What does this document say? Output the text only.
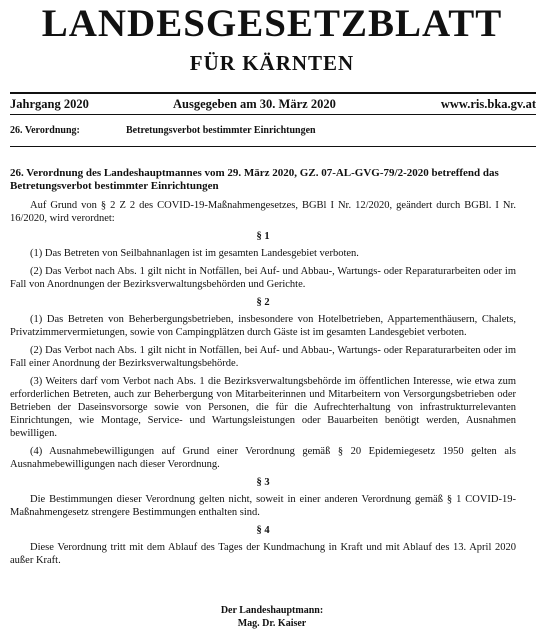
LANDESGESETZBLATT
FÜR KÄRNTEN
Jahrgang 2020	Ausgegeben am 30. März 2020	www.ris.bka.gv.at
26. Verordnung:	Betretungsverbot bestimmter Einrichtungen
26. Verordnung des Landeshauptmannes vom 29. März 2020, GZ. 07-AL-GVG-79/2-2020 betreffend das Betretungsverbot bestimmter Einrichtungen

Auf Grund von § 2 Z 2 des COVID-19-Maßnahmengesetzes, BGBl I Nr. 12/2020, geändert durch BGBl. I Nr. 16/2020, wird verordnet:

§ 1

(1) Das Betreten von Seilbahnanlagen ist im gesamten Landesgebiet verboten.

(2) Das Verbot nach Abs. 1 gilt nicht in Notfällen, bei Auf- und Abbau-, Wartungs- oder Reparaturarbeiten oder im Fall von Anordnungen der Bezirksverwaltungsbehörden und Gerichte.

§ 2

(1) Das Betreten von Beherbergungsbetrieben, insbesondere von Hotelbetrieben, Appartementhäusern, Chalets, Privatzimmervermietungen, sowie von Campingplätzen durch Gäste ist im gesamten Landesgebiet verboten.

(2) Das Verbot nach Abs. 1 gilt nicht in Notfällen, bei Auf- und Abbau-, Wartungs- oder Reparaturarbeiten oder im Fall einer Anordnung der Bezirksverwaltungsbehörde.

(3) Weiters darf vom Verbot nach Abs. 1 die Bezirksverwaltungsbehörde im öffentlichen Interesse, wie etwa zum erforderlichen Betreten, auch zur Beherbergung von Mitarbeiterinnen und Mitarbeitern von Versorgungsbetrieben oder Betrieben der Daseinsvorsorge sowie von Personen, die für die Aufrechterhaltung von infrastrukturrelevanten Einrichtungen, wie Montage, Service- und Wartungsleistungen oder Bauarbeiten benötigt werden, Ausnahmen bewilligen.

(4) Ausnahmebewilligungen auf Grund einer Verordnung gemäß § 20 Epidemiegesetz 1950 gelten als Ausnahmebewilligungen nach dieser Verordnung.

§ 3

Die Bestimmungen dieser Verordnung gelten nicht, soweit in einer anderen Verordnung gemäß § 1 COVID-19-Maßnahmengesetz strengere Bestimmungen enthalten sind.

§ 4

Diese Verordnung tritt mit dem Ablauf des Tages der Kundmachung in Kraft und mit Ablauf des 13. April 2020 außer Kraft.

Der Landeshauptmann:
Mag. Dr. Kaiser
